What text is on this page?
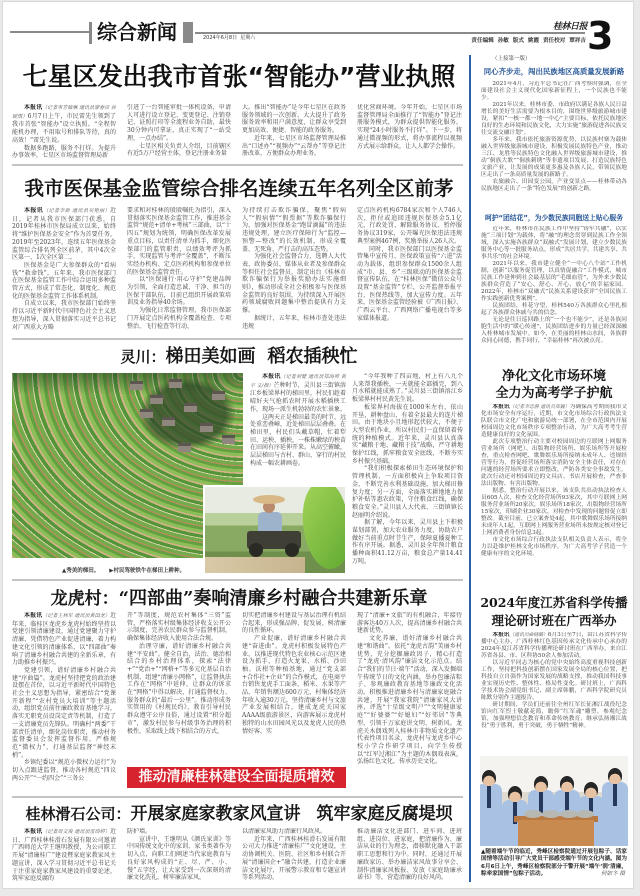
综合新闻	2024年6月8日  星期六
桂林日报
责任编辑  孙敏  版式  姚霞  责任校对  覃祥吉 3
七星区发出我市首张“智能办”营业执照

本报讯（记者韦芳敏琳 通讯员廖春彦 孙琥琪）6月7日上午，市民雷先生领到了我市首张“智能办”设立执照。“全程智能机办理，不用取号和排队等待，真的高效！”雷先生说。

数据多跑路，服务不打烊。为提升办事效率，七星区市场监督管理局新

引进了一台智能审批一体机设备，申请人可进行设立登记、变更登记、注销登记、证照打印等全流程业务自助，最快30分钟内可拿证，真正实现了“一站受理，一点办结”。

七星区相关负责人介绍，目前辖区有近5万户经营主体，登记注册业务量

大。推出“智能办”是今年七星区在政务服务领域的一次创新，大大提升了政务服务效率和用户满意度，让群众享受到更加高效、便捷、智能的政务服务。

近年来，七星区市场监督管理局推出“口述办”“视频办”“云帮办”等登记注册改革，方便群众办理业务，

优化营商环境。今年开始，七星区市场监督管理局全面推行了“智能办”登记注册服务模式，为群众提供智能化服务，实现“24小时服务不打烊”。下一步，将通过微视频的形式，将办事流程以视频方式展示给群众，让人人都学会操作。

我市医保基金监管综合排名连续五年名列全区前茅

本报讯（记者李新 通讯员吴艳丽）近日，记者从我市医保部门获悉，自2019年桂林市医保局成立以来，始终将“维护医保基金安全”作为首要任务，2019年至2023年，连续五年医保基金监管综合排名列全区前茅，其中4次全区第一、1次全区第二。

医保基金是广大参保群众的“看病钱”“救命钱”。五年来，我市医保部门在医保基金监管工作中综合运用多种监管方式，形成了常态化、制度化、规范化的医保基金监管工作体系机制。

自成立以来，我市医保部门始终坚持以习近平新时代中国特色社会主义思想为指导，深入贯彻落实习近平总书记对广西重大方略

要求和对桂林的殷殷嘱托为指引，深入贯彻落实医保基金监管工作，推进基金监管“规范+清单+考核”三部曲，以“十四五”规划为统领，明确医保改革发展重点目标，以责任清单为抓手，细化医保部门的监管职责，以绩效考评为抓手，实现监管与考评“全覆盖”，不断压实经办机构、定点医药机构和参保单位的医保基金监管责任。

以“医保通行·用心守护”党建品牌为引领，全面打造忠诚、干净、担当的医保干部队伍，目前已组织开展政策培训及业务指导40余场。

为强化日常监督管理，我市医保部门开展定点医药机构全覆盖检查、专项整治、飞行检查等行动，

为持续打击欺诈骗保，聚焦“假病人”“假病情”“假票据”等欺诈骗保行为，加强对医保基金“跑冒滴漏”的违法违规处理，建立医疗保障行为“监控—预警—整改”的长效机制，形成全覆盖、无死角、严打击的高压态势。

为强化社会监督合力，选聘人大代表、政协委员、媒体从业者及参保群众等担任社会监督员，制定出台《桂林市欺诈骗保行为举报奖励办法实施细则》，推动形成全社会积极参与医保基金监管的良好氛围，为持续深入开展医药领域腐败问题集中整治提供有力支撑。

据统计，五年来，桂林市查处违法违规

定点医药机构6784家次和个人746人次，拒付或追回违规医保基金5.1亿元，行政处罚、解除服务协议、暂停服务协议319家，公开曝光医保违法违规典型案例467例，奖励举报人26人次。

同时，我市医保部门以医保基金监管集中宣传月、医保政策宣传“六进”活动为载体，组织参保群众1500余人组成“市、县、乡”三级联动的医保基金监督宣传队伍，在“桂林医保”微信公众号设置“基金监管”专栏，公开监督举报平台、医保热线等，加大宣传力度。五年来，医保基金监管经验被《广西日报》、广西云平台、广西网络广播电视台等多家媒体报道。

灵川：梯田美如画 稻农插秧忙
▲秀美的梯田。 ▶村民驾驶铁牛在梯田上耕种。

本报讯（记者刘健 通讯员郑海帅 黄宇 文/摄）芒种时节，灵川县三街镇溶江乡板梁界村的梯田里，村民们趁着晴好天气抢抓农时开展水稻插秧工作，现场一派生机勃勃的农忙景象。

这两天正是梯田最美的时节，远处重峦叠嶂，近处梯田层层叠叠。在梯田里，村民们头戴草帽，忙着犁田、运秧、插秧，一株株嫩绿的秧苗在田间有序延伸开来。从高空俯瞰，层层梯田与古村、群山、穿行的村民构成一幅农耕画卷。

“今年我种了四亩地，村上有八九个人来帮我插秧，一天就能全部插完，到八月水稻就能成熟了。”灵川县三街镇溶江乡板梁界村村民黄先生说。

板梁界村海拔在1000米左右，依山开垦，耕种盘山，有着全县最大的连片梯田。由于地块小且地形起伏较大，不便于大型农机作业，所以村民们一直保留着传统的种植模式。近年来，灵川县认真落实“藏粮于地、藏粮于技”战略，严守耕地保护红线，抓牢粮食安全底线，不断夯实乡村振兴基础。

“我们积极探索梯田生态环境保护和管理机制，一方面积极向上争取项目资金，不断完善水利基础设施，加大梯田修复力度；另一方面，全面落实耕地地力保护补贴等惠农政策，守住粮食红线，确保粮食安全。”灵川县人大代表、三街镇镇长赵丽明介绍说。

据了解，今年以来，灵川县上下积极谋划部署，加大农业服务力度，协助农户做好当前重点时节生产，保障夏播夏种工作有序开展。据悉，灵川县全年预计粮食播种面积41.12万亩，粮食总产量14.41万吨。

龙虎村：“四部曲”奏响清廉乡村融合共建新乐章

本报讯（记者王林军 通讯员黄国龙）近年来，临桂区龙虎乡龙虎村始终坚持以党建引领清廉建设，通过党建聚力守护清廉，凭借特色产业促进清廉，着力构建文化引领的清廉体系，以“四部曲”奏响了清廉乡村融合共建的全新乐章，有力助推乡村振兴。

党建引领，谱好清廉乡村融合共建“序曲篇”。龙虎村坚持把党的政治建设摆在首位，以习近平新时代中国特色社会主义思想为指导，紧密结合“党课开新程”“农村党员大培训”等主题活动，组织党员前往廉政教育基地学习，落实无职党员设岗定责等机制，打造了一支清廉党员先锋队。明确村“两委”干部责任清单，细化岗位职责，推动村务监督委员会发挥监督作用，严格规范“微权力”，打通基层监督“神经末梢”。

乡镇纪委以“规范小微权力运行”为切入点跟进监督，推动各村规范“四议两公开”“一约四会”“三务公

开”等制度，规范农村集体“三资”监管，严格落实村级集体经济收支公开公示制度，完善农民群众参与监督机制，确保集体经济收入使用合法合规。

治理守廉，谱好清廉乡村融合共建“平安曲”。健全自治、法治、德治相结合的乡村治理体系，探索“法律+”“党治+”“网格+”等多元化基层自治机制，组建“清廉小网格”，让监督执法工作在“网格”中延伸，让群众的诉求在“网格”中得以解决，打通监督权力、服务群众的“最后一公里”。推动形成务实管用的《村规民约》，教育引导村民群众遵守公序良俗，通过设置“积分超市”，激发村民参与村级事务治理的积极性，采取线上线下相结合的方式，

切实把清廉乡村建设与基层治理有机结合起来，形成强品牌、促发展、树清廉的良性循环。

产业促廉，谱好清廉乡村融合共建“奋进曲”。龙虎村积极发展特色产业，以推进现代特色农业核心示范区建设为抓手，打造火龙果、水稻、沙田柚、沃柑等种植基地，通过“党支部+合作社+企业”的合作模式，在电商平台销售龙虎手工面条、稻米、水果等产品，年销售额达600万元，村集体经济年收入逾30万元。坚持清廉乡村与文旅产业发展相结合，建成龙虎关国家AAAA级旅游景区，向游客展示龙虎村独特的山水田园风光以及龙虎人民的热情好客，实

现了“清廉+文旅”的有机融合，年接待游客达40万人次，提高清廉乡村融合共建新优势。

文化养廉，谱好清廉乡村融合共建“和谐曲”。依托“龙虎古韵”美丽乡村优势，充分挖掘廉政因子，精心打造了“龙虎·清风韵”廉洁文化示范点。结合“我们的节日·端午”活动，深入发掘端午传统节日的文化内涵，举办包廉洁粽子、参观廉政教育基地等廉政文化活动。积极推进清廉乡村与清廉家庭融合共建，开展“我家我院”清廉家风大讲座，评选“十星级文明户”“文明健康家庭”“好婆婆”“好媳妇”“好邻居”等典型，引领千万家庭讲文明、树新风。龙虎关木偶戏列入桂林市非物质文化遗产代表性项目名录，龙虎村与龙虎乡中心校小学合作研学项目，向学生传授以“红军过湘江”为主题的木偶戏表演，弘扬红色文化，传承历史文化。

推动清廉桂林建设全面提质增效
桂林滑石公司：开展家庭家教家风宣讲 筑牢家庭反腐堤坝

本报讯（记者周文俊 通讯员雷绮婷）近日，广西桂林桂滑石发展有限公司邀请广西师范大学王继明教授，为公司职工开展“清廉桂广”建设暨家庭家教家风主题宣讲，深入学习贯彻习近平总书记关于注重家庭家教家风建设的重要论述，筑牢家庭反腐的

防护墙。

宣讲中，王继明从《颜氏家训》等中国传统文化中的家训、家书类著作为切入点，向职工们阐述当代家庭教育与良好家风构成的“正、尽、严、小、慢”五字经，让大家受到一次深刻的清廉文化洗礼，树牢廉洁家风，

以清廉家风助力清廉行风政风。

近年来，广西桂林桂滑石发展有限公司大力推进“清廉桂广”文化建设，主动协调机关、医院、社区和乡村联合开展“清廉国企+”融合共建，打造企业廉洁文化展厅，开展警示教育和专题宣讲等系列活动，

推动廉洁文化进部门、进车间、进班组、进岗位、进家庭，把清廉作为、廉洁从业的行为理念，潜移默化融入干部职工思想和行为中。同时，还通过开展廉政家访、举办廉洁家风故事分享会、制作清廉家风板报、发放《家庭助廉承诺书》等，营造清廉的良好风尚。

（上接第一版）
同心齐步走，闯出民族地区高质量发展新路

2021年4月，习近平总书记在广西考察时强调，在全面建设社会主义现代化国家新征程上，一个民族也不能少。

2021年以来，桂林市委、市政府以满足各族人民日益增长的美好生活需要为根本目的，围绕世界级旅游城市建设，紧扣“一核一都一地一中心”主要目标，依托民族地区良好的生态环境和民族文化，大力实施“旅游促进各民族交往交流交融计划”。

多年来，我市依托旅游资源优势，以民族村寨为载体融入世界级旅游城市建设，积极发展民族特色产业，推动三江、龙胜等民族特色文化融入世界级旅游城市建设，推动“侗族大歌”“侗族刺绣”等非遗项目发展，打造民族特色文旅产业，让发展的成果更多惠及各族人民，带领民族地区走出了一条高质量发展的新路子。

农旅融合、田园变公园，产业变景点——桂林带动各民族地区走出了一条“特色发展”的创新之路。

呵护“团结花”，为少数民族同胞送上贴心服务

近年来，桂林市在民族工作中坚持“铸牢共融”，以实施“三项计划”为载体，将“融”的理念贯穿到民族工作全领域，深入实施各族群众“双融式”发展计划，建立少数民族服务中心等一批服务站点，形成“共居共学、共建共享、共事共乐”的社会环境。

2021年以来，我市建立健全“一中心八个站”工作机制，创新“以服务促管理，以真情促融合”工作模式，城市民族工作延伸到社会最基层的“毛细血管”，为外来少数民族群众营造了“安心、舒心、开心、放心”的幸福家园。2022年，桂林市“双融式”民族关系建设获评“全国民族工作实践创新优秀案例”。

民族团结，桂花守望，桂林540万各族群众心里扎根起了各族群众休戚与共的信念。

无论是往日巡回路上的“一个也不能少”，还是各族同胞生活中的“暖心传递”，民族团结进步的力量已经深深融入桂林城市发展中。如今，在美丽的桂林山水间，各族群众同心同德，携手同行，“幸福桂林”再次被点亮。

净化文化市场环境
全力为高考学子护航

本报讯（记者李忠静 通讯员郑巍）为确保高考期间我市文化市场安全有序运行，近期，市文化市场综合行政执法支队联合市文化广电和旅游局统一部署，在全市范围内开展校园周边文化市场秩序专项整治行动，为广大高考考生营造健康良好的文化氛围。

此次专项整治行动主要对校园周边的互联网上网服务营业场所（网吧）、出版物经营场所、娱乐场所等开展检查，重点检查网吧、歌舞娱乐场所接纳未成年人、违规经营等行为，督促经营场所落实消防安全主体责任，对存在问题的经营场所要求立即整改，严防各类安全事故发生。此次行动还对校园周边的文具店、书店开展检查，严查非法出版物、有害出版物。

据悉，整治行动开展以来，该支队共出动执法检查人员605人次，检查文化经营场所93家次，其中互联网上网服务营业场所20家次，娱乐场所18家次，出版物经营场所15家次，印刷企业30家次，对检查中发现的问题督促立即整改。截至目前，已立案查处4起，其中歌舞娱乐场所接纳未成年人1起，互联网上网服务营业场所未按规定核对登记上网消费者身份信息3起。

市文化市场综合行政执法支队相关负责人表示，将全力以赴维护桂林文化市场秩序，为广大高考学子营造一个健康有序的文化环境。

2024年度江苏省科学传播
理论研讨班在广西举办

本报讯（通讯员曲晓璐）6月3日至7日，由江苏省科学传播中心主办，广西桂林红色基因传承文化传承中心承办的2024年度江苏省科学传播理论研讨班在广西举办，来自江苏省各县、市、区科协50余人参加活动。

以习近平同志为核心的党中央始终高度重视科技创新工作，坚持把科技创新摆在国家发展全局的核心位置，把科技自立自强作为国家发展的战略支撑，推动我国科技事业实现历史性、整体性、格局性变化。研讨班上，广西科学技术协会副党组书记、副主席韩鹏，广西科学院研究员陈默分别作主题报告。

研讨期间，学员们还前往全州红军长征湘江战役纪念馆向红军烈士敬献花篮，瞻仰“红军魂”雕塑，参观纪念馆，加强理想信念教育和革命传统教育，继承弘扬湘江战役“勇于胜利，勇于突破，勇于牺牲”精神。

▲随着端午节的临近，秀峰区检察院通过开展包粽子、话家国情等活动引导广大党员干部感受端午节的文化内涵。图为6月6日上午，秀峰区检察院部分干警开展“端午‘润’清廉，粽牵家国情”包粽子活动。	何如冬 摄
